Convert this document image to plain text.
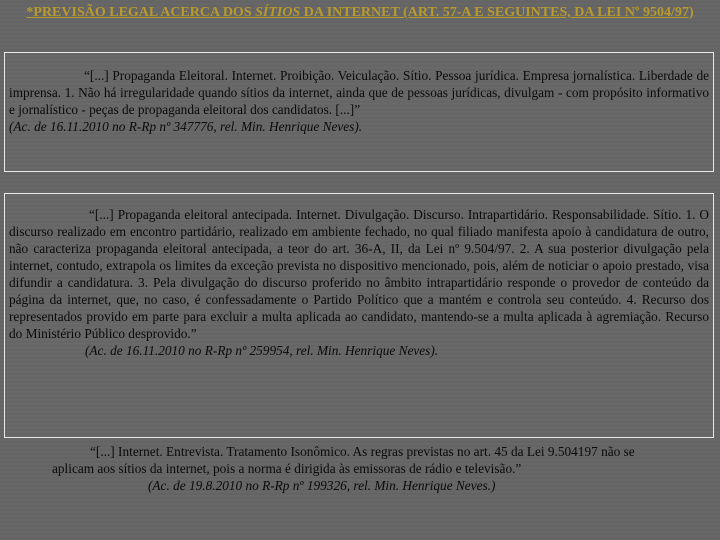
*PREVISÃO LEGAL ACERCA DOS SÍTIOS DA INTERNET (ART. 57-A E SEGUINTES, DA LEI Nº 9504/97)

“[...] Propaganda Eleitoral. Internet. Proibição. Veiculação. Sítio. Pessoa jurídica. Empresa jornalística. Liberdade de imprensa. 1. Não há irregularidade quando sítios da internet, ainda que de pessoas jurídicas, divulgam - com propósito informativo e jornalístico - peças de propaganda eleitoral dos candidatos. [...]”

(Ac. de 16.11.2010 no R-Rp nº 347776, rel. Min. Henrique Neves).

“[...] Propaganda eleitoral antecipada. Internet. Divulgação. Discurso. Intrapartidário. Responsabilidade. Sítio. 1. O discurso realizado em encontro partidário, realizado em ambiente fechado, no qual filiado manifesta apoio à candidatura de outro, não caracteriza propaganda eleitoral antecipada, a teor do art. 36-A, II, da Lei nº 9.504/97. 2. A sua posterior divulgação pela internet, contudo, extrapola os limites da exceção prevista no dispositivo mencionado, pois, além de noticiar o apoio prestado, visa difundir a candidatura. 3. Pela divulgação do discurso proferido no âmbito intrapartidário responde o provedor de conteúdo da página da internet, que, no caso, é confessadamente o Partido Político que a mantém e controla seu conteúdo. 4. Recurso dos representados provido em parte para excluir a multa aplicada ao candidato, mantendo-se a multa aplicada à agremiação. Recurso do Ministério Público desprovido.”

(Ac. de 16.11.2010 no R-Rp nº 259954, rel. Min. Henrique Neves).

“[...] Internet. Entrevista. Tratamento Isonômico. As regras previstas no art. 45 da Lei 9.504197 não se aplicam aos sítios da internet, pois a norma é dirigida às emissoras de rádio e televisão.”

(Ac. de 19.8.2010 no R-Rp nº 199326, rel. Min. Henrique Neves.)
